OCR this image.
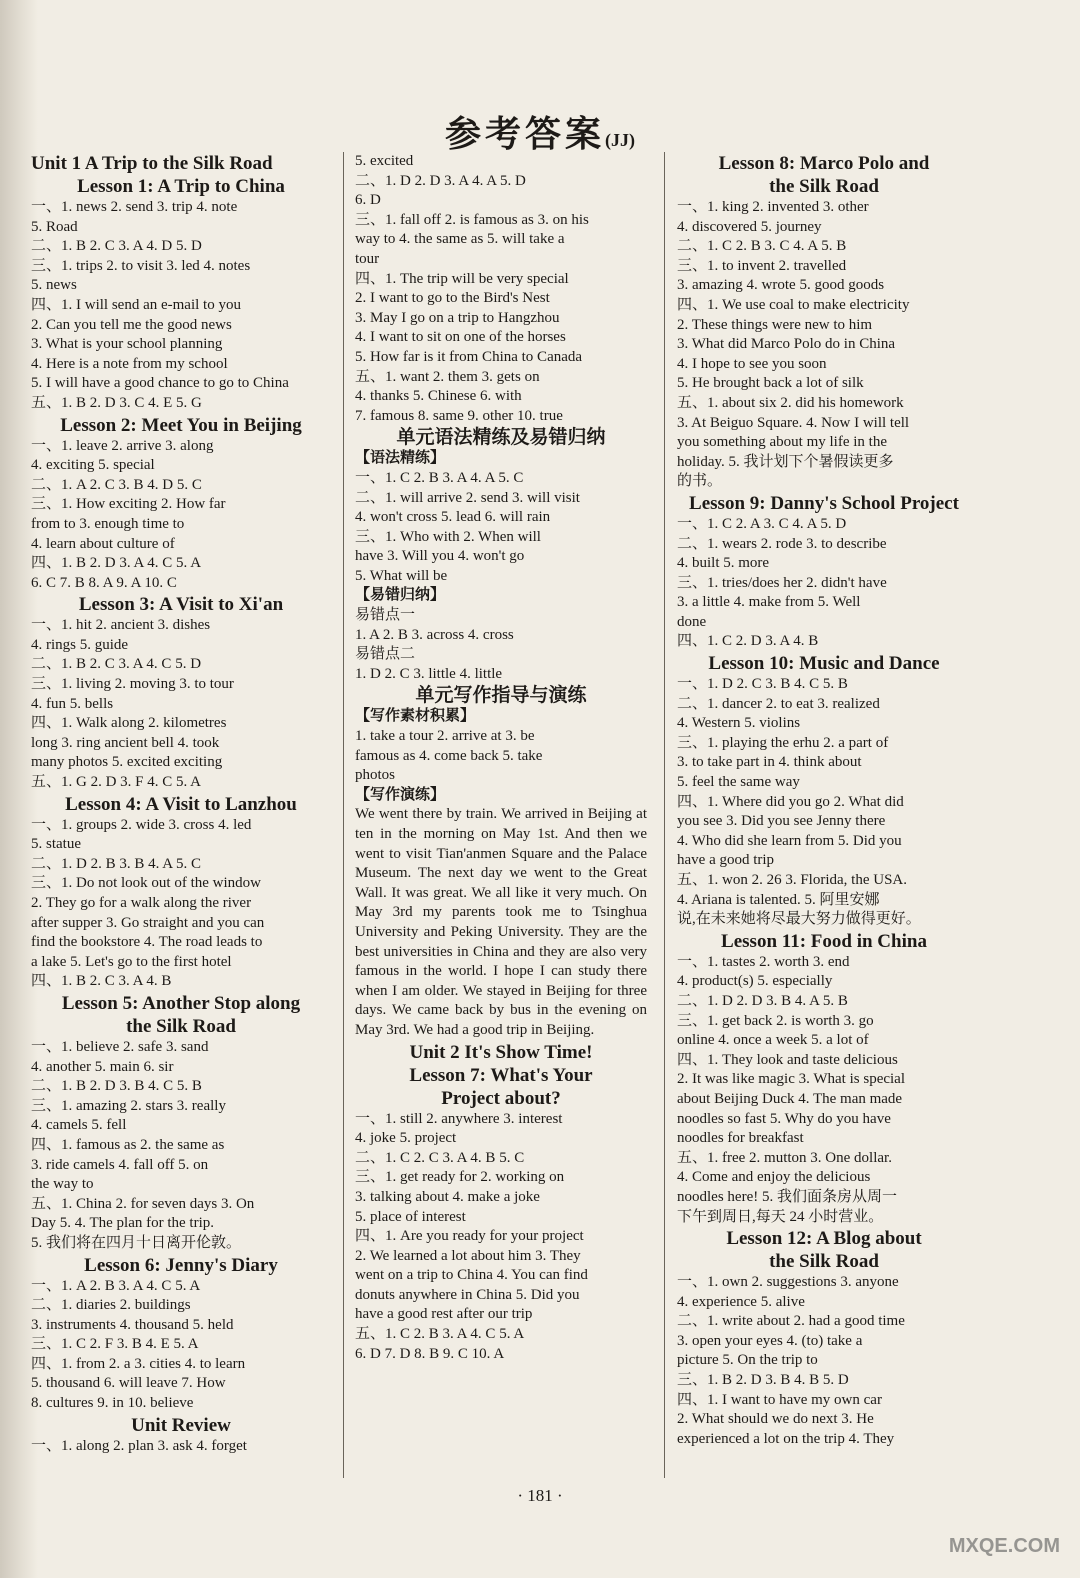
参考答案(JJ)
Unit 1 A Trip to the Silk Road
Lesson 1: A Trip to China
一、1. news 2. send 3. trip 4. note
5. Road
二、1. B 2. C 3. A 4. D 5. D
三、1. trips 2. to visit 3. led 4. notes
5. news
四、1. I will send an e-mail to you
2. Can you tell me the good news
3. What is your school planning
4. Here is a note from my school
5. I will have a good chance to go to China
五、1. B 2. D 3. C 4. E 5. G
Lesson 2: Meet You in Beijing
一、1. leave 2. arrive 3. along
4. exciting 5. special
二、1. A 2. C 3. B 4. D 5. C
三、1. How exciting 2. How far
from to 3. enough time to
4. learn about culture of
四、1. B 2. D 3. A 4. C 5. A
6. C 7. B 8. A 9. A 10. C
Lesson 3: A Visit to Xi'an
一、1. hit 2. ancient 3. dishes
4. rings 5. guide
二、1. B 2. C 3. A 4. C 5. D
三、1. living 2. moving 3. to tour
4. fun 5. bells
四、1. Walk along 2. kilometres
long 3. ring ancient bell 4. took
many photos 5. excited exciting
五、1. G 2. D 3. F 4. C 5. A
Lesson 4: A Visit to Lanzhou
一、1. groups 2. wide 3. cross 4. led
5. statue
二、1. D 2. B 3. B 4. A 5. C
三、1. Do not look out of the window
2. They go for a walk along the river
after supper 3. Go straight and you can
find the bookstore 4. The road leads to
a lake 5. Let's go to the first hotel
四、1. B 2. C 3. A 4. B
Lesson 5: Another Stop along
the Silk Road
一、1. believe 2. safe 3. sand
4. another 5. main 6. sir
二、1. B 2. D 3. B 4. C 5. B
三、1. amazing 2. stars 3. really
4. camels 5. fell
四、1. famous as 2. the same as
3. ride camels 4. fall off 5. on
the way to
五、1. China 2. for seven days 3. On
Day 5. 4. The plan for the trip.
5. 我们将在四月十日离开伦敦。
Lesson 6: Jenny's Diary
一、1. A 2. B 3. A 4. C 5. A
二、1. diaries 2. buildings
3. instruments 4. thousand 5. held
三、1. C 2. F 3. B 4. E 5. A
四、1. from 2. a 3. cities 4. to learn
5. thousand 6. will leave 7. How
8. cultures 9. in 10. believe
Unit Review
一、1. along 2. plan 3. ask 4. forget
5. excited
二、1. D 2. D 3. A 4. A 5. D
6. D
三、1. fall off 2. is famous as 3. on his
way to 4. the same as 5. will take a
tour
四、1. The trip will be very special
2. I want to go to the Bird's Nest
3. May I go on a trip to Hangzhou
4. I want to sit on one of the horses
5. How far is it from China to Canada
五、1. want 2. them 3. gets on
4. thanks 5. Chinese 6. with
7. famous 8. same 9. other 10. true
单元语法精练及易错归纳
【语法精练】
一、1. C 2. B 3. A 4. A 5. C
二、1. will arrive 2. send 3. will visit
4. won't cross 5. lead 6. will rain
三、1. Who with 2. When will
have 3. Will you 4. won't go
5. What will be
【易错归纳】
易错点一
1. A 2. B 3. across 4. cross
易错点二
1. D 2. C 3. little 4. little
单元写作指导与演练
【写作素材积累】
1. take a tour 2. arrive at 3. be
famous as 4. come back 5. take
photos
【写作演练】
We went there by train. We arrived in Beijing at ten in the morning on May 1st. And then we went to visit Tian'anmen Square and the Palace Museum. The next day we went to the Great Wall. It was great. We all like it very much. On May 3rd my parents took me to Tsinghua University and Peking University. They are the best universities in China and they are also very famous in the world. I hope I can study there when I am older. We stayed in Beijing for three days. We came back by bus in the evening on May 3rd. We had a good trip in Beijing.
Unit 2 It's Show Time!
Lesson 7: What's Your
Project about?
一、1. still 2. anywhere 3. interest
4. joke 5. project
二、1. C 2. C 3. A 4. B 5. C
三、1. get ready for 2. working on
3. talking about 4. make a joke
5. place of interest
四、1. Are you ready for your project
2. We learned a lot about him 3. They
went on a trip to China 4. You can find
donuts anywhere in China 5. Did you
have a good rest after our trip
五、1. C 2. B 3. A 4. C 5. A
6. D 7. D 8. B 9. C 10. A
Lesson 8: Marco Polo and
the Silk Road
一、1. king 2. invented 3. other
4. discovered 5. journey
二、1. C 2. B 3. C 4. A 5. B
三、1. to invent 2. travelled
3. amazing 4. wrote 5. good goods
四、1. We use coal to make electricity
2. These things were new to him
3. What did Marco Polo do in China
4. I hope to see you soon
5. He brought back a lot of silk
五、1. about six 2. did his homework
3. At Beiguo Square. 4. Now I will tell
you something about my life in the
holiday. 5. 我计划下个暑假读更多
的书。
Lesson 9: Danny's School Project
一、1. C 2. A 3. C 4. A 5. D
二、1. wears 2. rode 3. to describe
4. built 5. more
三、1. tries/does her 2. didn't have
3. a little 4. make from 5. Well
done
四、1. C 2. D 3. A 4. B
Lesson 10: Music and Dance
一、1. D 2. C 3. B 4. C 5. B
二、1. dancer 2. to eat 3. realized
4. Western 5. violins
三、1. playing the erhu 2. a part of
3. to take part in 4. think about
5. feel the same way
四、1. Where did you go 2. What did
you see 3. Did you see Jenny there
4. Who did she learn from 5. Did you
have a good trip
五、1. won 2. 26 3. Florida, the USA.
4. Ariana is talented. 5. 阿里安娜
说,在未来她将尽最大努力做得更好。
Lesson 11: Food in China
一、1. tastes 2. worth 3. end
4. product(s) 5. especially
二、1. D 2. D 3. B 4. A 5. B
三、1. get back 2. is worth 3. go
online 4. once a week 5. a lot of
四、1. They look and taste delicious
2. It was like magic 3. What is special
about Beijing Duck 4. The man made
noodles so fast 5. Why do you have
noodles for breakfast
五、1. free 2. mutton 3. One dollar.
4. Come and enjoy the delicious
noodles here! 5. 我们面条房从周一
下午到周日,每天 24 小时营业。
Lesson 12: A Blog about
the Silk Road
一、1. own 2. suggestions 3. anyone
4. experience 5. alive
二、1. write about 2. had a good time
3. open your eyes 4. (to) take a
picture 5. On the trip to
三、1. B 2. D 3. B 4. B 5. D
四、1. I want to have my own car
2. What should we do next 3. He
experienced a lot on the trip 4. They
· 181 ·
MXQE.COM
